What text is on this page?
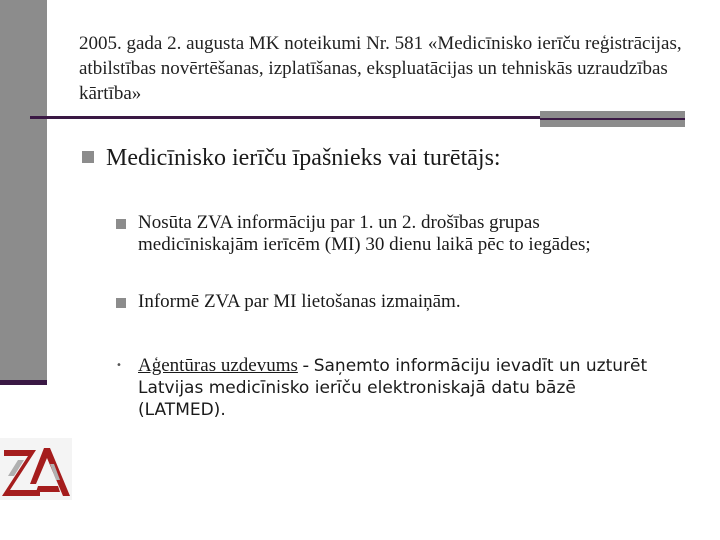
2005. gada 2. augusta MK noteikumi Nr. 581 «Medicīnisko ierīču reģistrācijas, atbilstības novērtēšanas, izplatīšanas, ekspluatācijas un tehniskās uzraudzības kārtība»
Medicīnisko ierīču īpašnieks vai turētājs:
Nosūta ZVA informāciju par 1. un 2. drošības grupas medicīniskajām ierīcēm (MI) 30 dienu laikā pēc to iegādes;
Informē ZVA par MI lietošanas izmaiņām.
• Aģentūras uzdevums - Saņemto informāciju ievadīt un uzturēt Latvijas medicīnisko ierīču elektroniskajā datu bāzē (LATMED).
